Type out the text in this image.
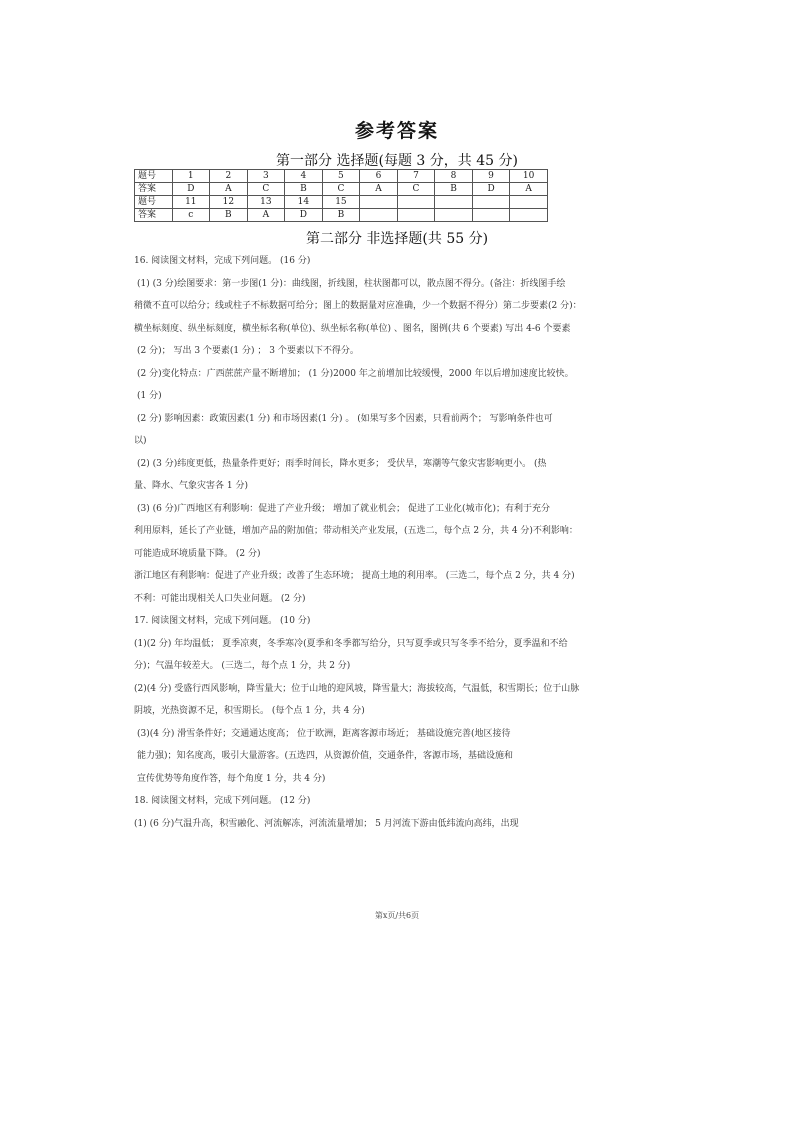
参考答案
第一部分 选择题(每题 3 分，共 45 分)
题号	1	2	3	4	5	6	7	8	9	10
答案	D	A	C	B	C	A	C	B	D	A
题号	11	12	13	14	15					
答案	c	B	A	D	B					
第二部分 非选择题(共 55 分)
16. 阅读图文材料，完成下列问题。 (16 分)
(1) (3 分)绘图要求：第一步图(1 分)：曲线图，折线图，柱状图都可以，散点图不得分。(备注：折线图手绘
稍微不直可以给分；线或柱子不标数据可给分；图上的数据量对应准确，少一个数据不得分）第二步要素(2 分)：
横坐标刻度、纵坐标刻度，横坐标名称(单位)、纵坐标名称(单位) 、图名，图例(共 6 个要素) 写出 4-6 个要素
(2 分)； 写出 3 个要素(1 分) ； 3 个要素以下不得分。
(2 分)变化特点：广西蔗蔗产量不断增加； (1 分)2000 年之前增加比较缓慢，2000 年以后增加速度比较快。
(1 分)
(2 分) 影响因素：政策因素(1 分) 和市场因素(1 分) 。 (如果写多个因素，只看前两个； 写影响条件也可
以)
(2) (3 分)纬度更低，热量条件更好；雨季时间长，降水更多； 受伏旱，寒潮等气象灾害影响更小。 (热
量、降水、气象灾害各 1 分)
(3) (6 分)广西地区有利影响：促进了产业升级； 增加了就业机会； 促进了工业化(城市化)；有利于充分
利用原料，延长了产业链，增加产品的附加值；带动相关产业发展，(五选二，每个点 2 分，共 4 分)不利影响：
可能造成环境质量下降。 (2 分)
浙江地区有利影响：促进了产业升级；改善了生态环境； 提高土地的利用率。 (三选二，每个点 2 分，共 4 分)
不利：可能出现相关人口失业问题。 (2 分)
17. 阅读图文材料，完成下列问题。 (10 分)
(1)(2 分) 年均温低； 夏季凉爽，冬季寒冷(夏季和冬季都写给分，只写夏季或只写冬季不给分，夏季温和不给
分)；气温年较差大。 (三选二，每个点 1 分，共 2 分)
(2)(4 分) 受盛行西风影响，降雪量大；位于山地的迎风坡，降雪量大；海拔较高，气温低，积雪期长；位于山脉
阴坡，光热资源不足，积雪期长。 (每个点 1 分，共 4 分)
(3)(4 分) 滑雪条件好；交通通达度高； 位于欧洲，距离客源市场近； 基础设施完善(地区接待
能力强)；知名度高，吸引大量游客。(五选四，从资源价值，交通条件，客源市场，基础设施和
宣传优势等角度作答，每个角度 1 分，共 4 分)
18. 阅读图文材料，完成下列问题。 (12 分)
(1) (6 分)气温升高，积雪融化、河流解冻，河流流量增加； 5 月河流下游由低纬流向高纬，出现
第x页/共6页
